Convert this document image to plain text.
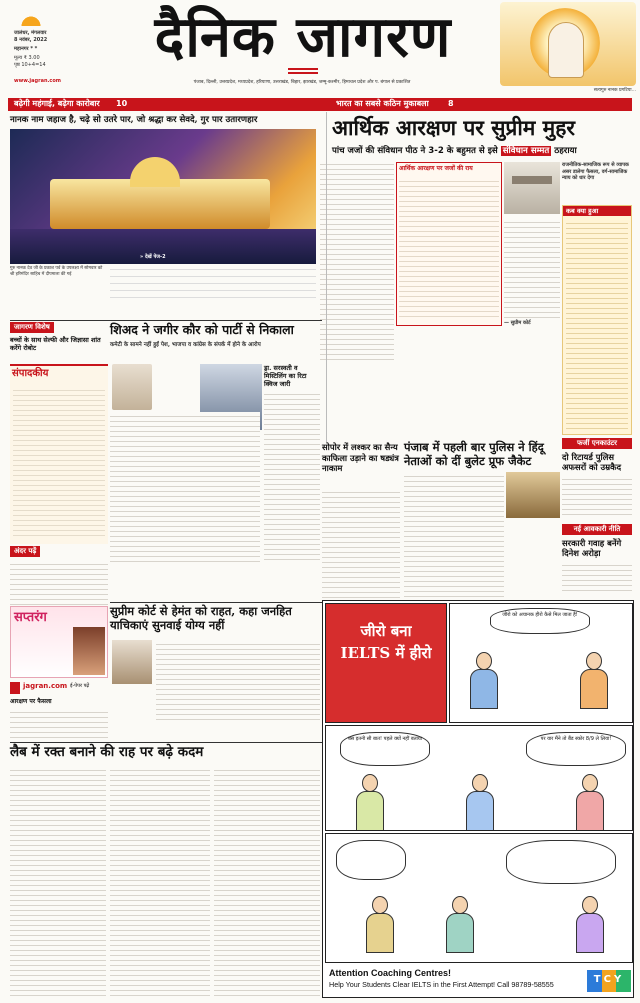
जालंधर, मंगलवार
8 नवंबर, 2022
महानगर * *
मूल्य ₹ 3.00
पृष्ठ 10+4=14
www.jagran.com
दैनिक जागरण
पंजाब, दिल्ली, उत्तरप्रदेश, मध्यप्रदेश, हरियाणा, उत्तराखंड, बिहार, झारखंड, जम्मू-कश्मीर, हिमाचल प्रदेश और प. बंगाल से प्रकाशित
सत्यगुरु नानक प्रगटिया...
बढ़ेगी महंगाई, बढ़ेगा कारोबार 10	भारत का सबसे कठिन मुकाबला 8
नानक नाम जहाज है, चढ़े सो उतरे पार, जो श्रद्धा कर सेवदे, गुर पार उतारणहार
गुरु नानक देव जी के प्रकाश पर्व के उपलक्ष्य में सोमवार को श्री हरिमंदिर साहिब में दीपमाला की गई
» देखें पेज-2
आर्थिक आरक्षण पर सुप्रीम मुहर
पांच जजों की संविधान पीठ ने 3-2 के बहुमत से इसे संविधान सम्मत ठहराया
आर्थिक आरक्षण पर जजों की राय
— सुप्रीम कोर्ट
राजनीतिक-सामाजिक रूप से व्यापक असर डालेगा फैसला, वर्ग-सामाजिक न्याय को धार देगा
कब क्या हुआ
जागरण विशेष
बच्चों के साथ सेल्फी और जिज्ञासा शांत करेंगे रोबोट
संपादकीय
अंदर पढ़ें
सप्तरंग
jagran.com ई-पेपर पढ़ें
आरक्षण पर फैसला
शिअद ने जगीर कौर को पार्टी से निकाला
कमेटी के सामने नहीं हुईं पेश, भाजपा व कांग्रेस के संपर्क में होने के आरोप
ड्रा. सरस्वती व मिस्टिलिंग का रिटा क्विज जारी
सोपोर में लश्कर का सैन्य काफिला उड़ाने का षड्यंत्र नाकाम
पंजाब में पहली बार पुलिस ने हिंदू नेताओं को दीं बुलेट प्रूफ जैकेट
फर्जी एनकाउंटर
दो रिटायर्ड पुलिस अफसरों को उम्रकैद
नई आवकारी नीति
सरकारी गवाह बनेंगे दिनेश अरोड़ा
सुप्रीम कोर्ट से हेमंत को राहत, कहा जनहित याचिकाएं सुनवाई योग्य नहीं
लैब में रक्त बनाने की राह पर बढ़े कदम
जीरो बना IELTS में हीरो
जीरो को अचानक हीरो कैसे मिल जाता है!
बस इतनी सी बात! पहले क्यों नहीं बताया	पर यार मैंने तो बैंड स्कोर 8/9 ले लिया!
Attention Coaching Centres!
Help Your Students Clear IELTS in the First Attempt! Call 98789-58555	TCY
